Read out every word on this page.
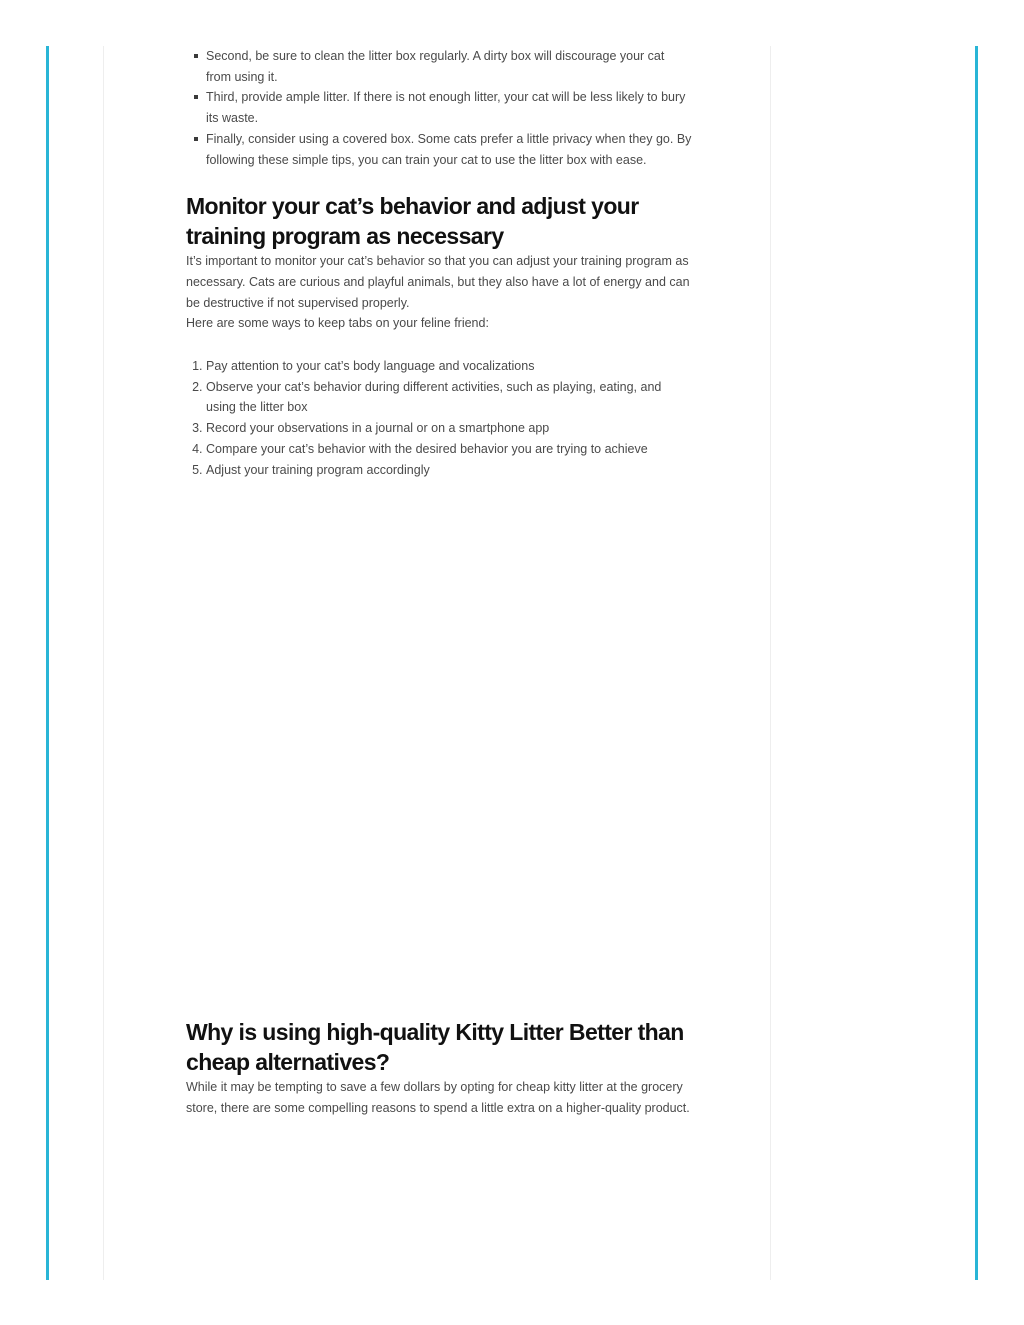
Second, be sure to clean the litter box regularly. A dirty box will discourage your cat from using it.
Third, provide ample litter. If there is not enough litter, your cat will be less likely to bury its waste.
Finally, consider using a covered box. Some cats prefer a little privacy when they go. By following these simple tips, you can train your cat to use the litter box with ease.
Monitor your cat’s behavior and adjust your training program as necessary

It’s important to monitor your cat’s behavior so that you can adjust your training program as necessary. Cats are curious and playful animals, but they also have a lot of energy and can be destructive if not supervised properly.

Here are some ways to keep tabs on your feline friend:

1. Pay attention to your cat’s body language and vocalizations
2. Observe your cat’s behavior during different activities, such as playing, eating, and using the litter box
3. Record your observations in a journal or on a smartphone app
4. Compare your cat’s behavior with the desired behavior you are trying to achieve
5. Adjust your training program accordingly
Why is using high-quality Kitty Litter Better than cheap alternatives?

While it may be tempting to save a few dollars by opting for cheap kitty litter at the grocery store, there are some compelling reasons to spend a little extra on a higher-quality product.
